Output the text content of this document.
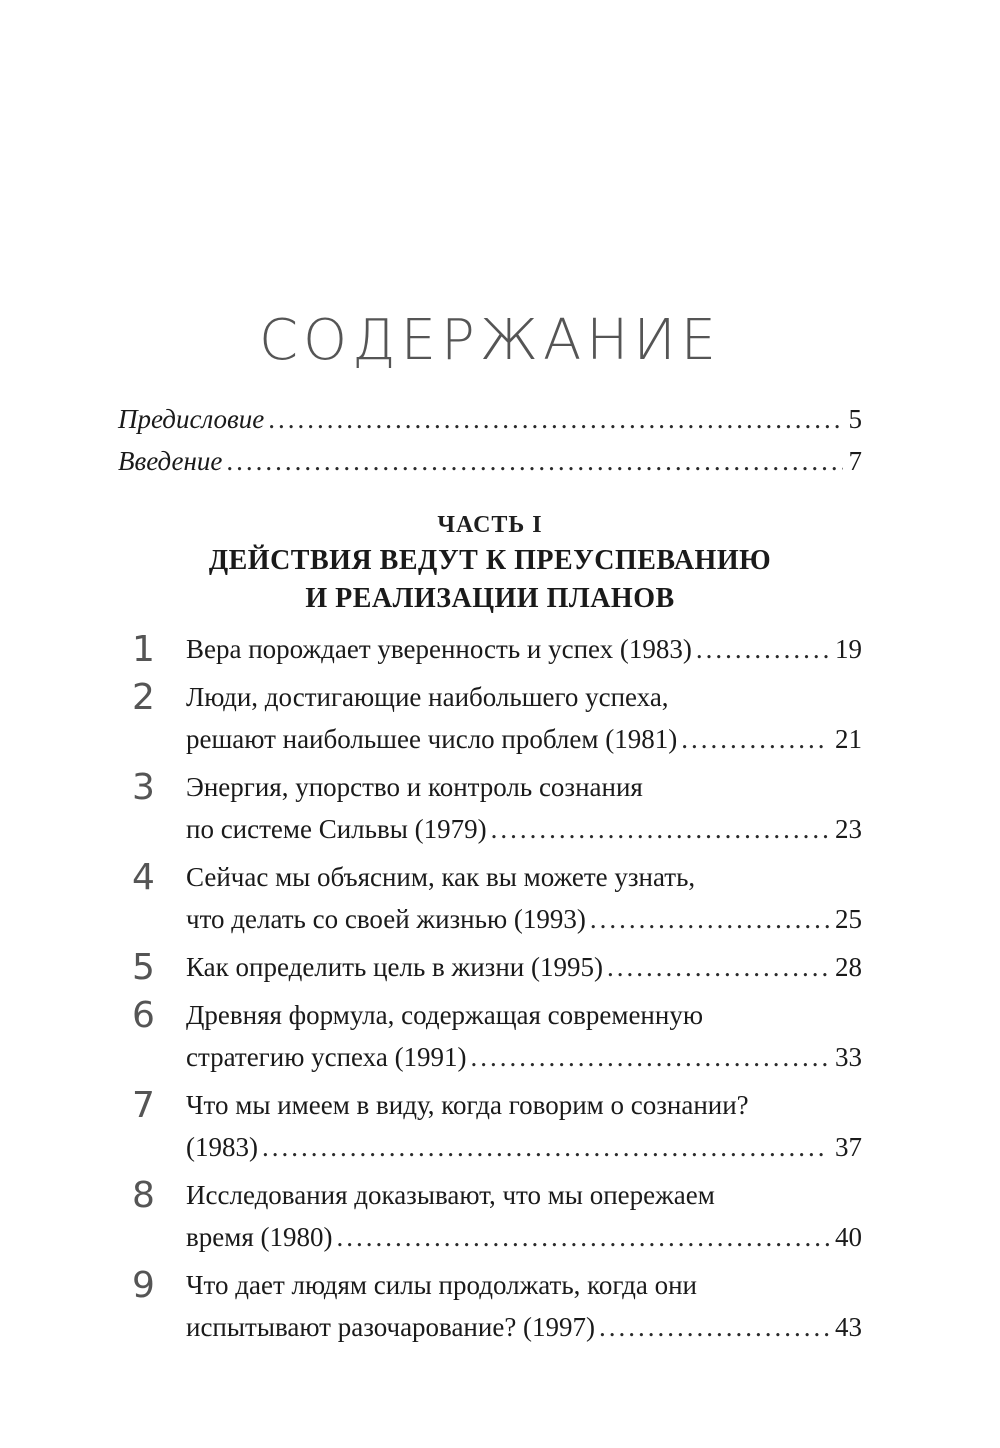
СОДЕРЖАНИЕ
Предисловие .....	5
Введение .....	7
ЧАСТЬ I
ДЕЙСТВИЯ ВЕДУТ К ПРЕУСПЕВАНИЮ
И РЕАЛИЗАЦИИ ПЛАНОВ
1 Вера порождает уверенность и успех (1983) .....	19
2 Люди, достигающие наибольшего успеха,
решают наибольшее число проблем (1981) .....	21
3 Энергия, упорство и контроль сознания
по системе Сильвы (1979) .....	23
4 Сейчас мы объясним, как вы можете узнать,
что делать со своей жизнью (1993) .....	25
5 Как определить цель в жизни (1995) .....	28
6 Древняя формула, содержащая современную
стратегию успеха (1991) .....	33
7 Что мы имеем в виду, когда говорим о сознании?
(1983) .....	37
8 Исследования доказывают, что мы опережаем
время (1980) .....	40
9 Что дает людям силы продолжать, когда они
испытывают разочарование? (1997) .....	43
